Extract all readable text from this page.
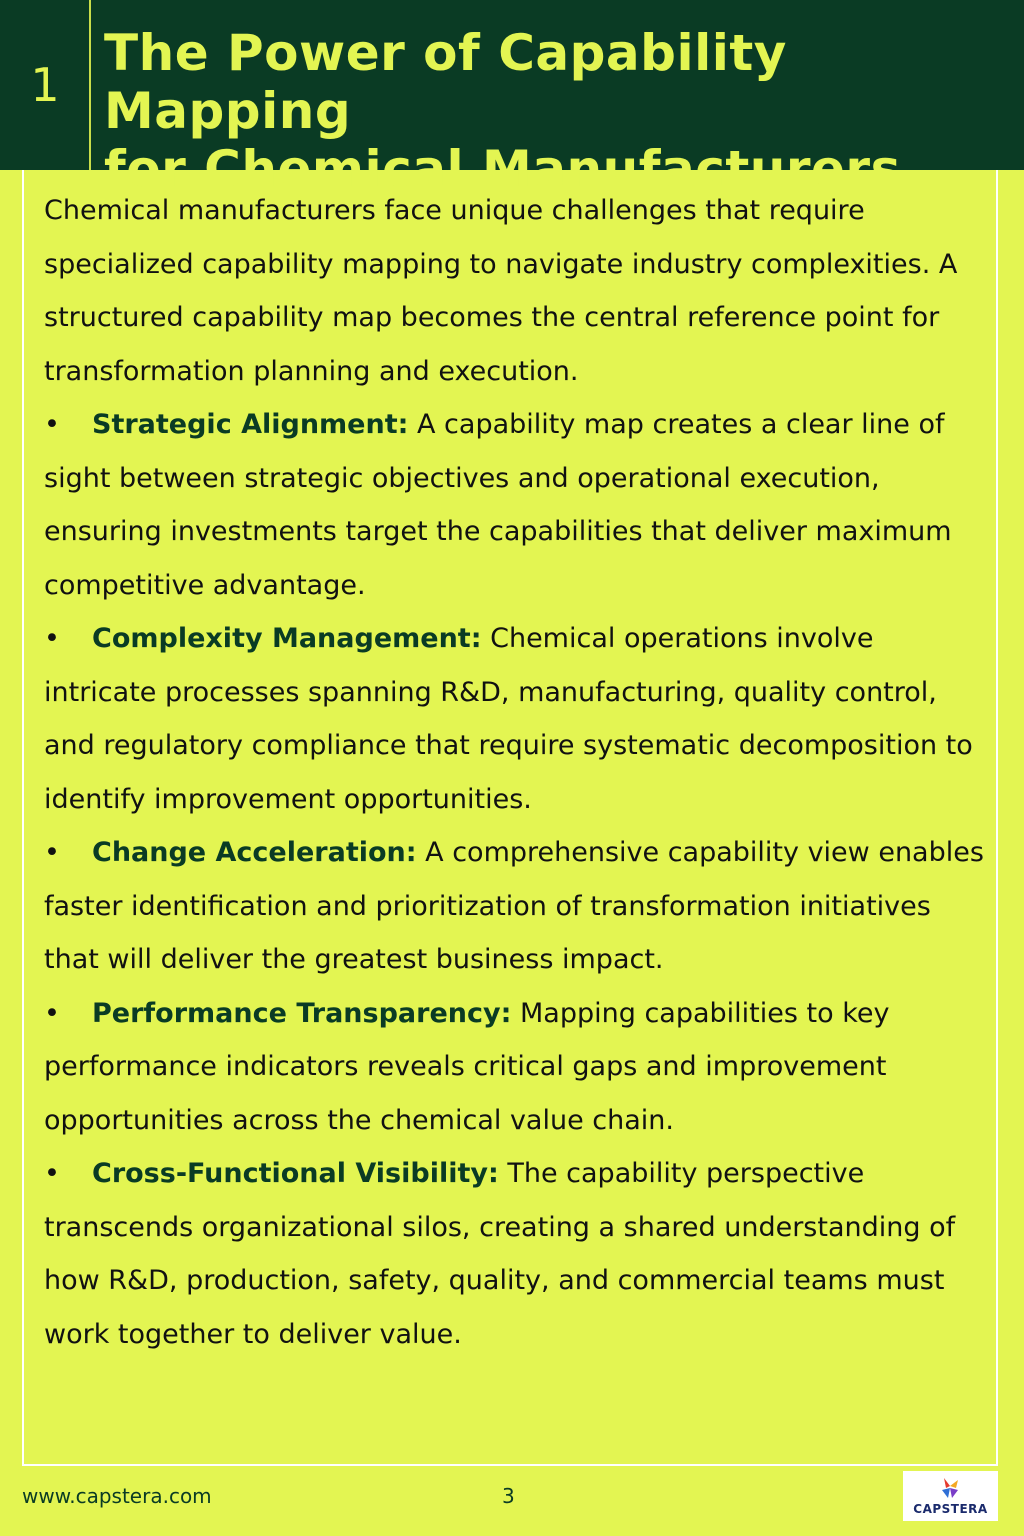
1
The Power of Capability Mapping
for Chemical Manufacturers

Chemical manufacturers face unique challenges that require specialized capability mapping to navigate industry complexities. A structured capability map becomes the central reference point for transformation planning and execution.

• Strategic Alignment: A capability map creates a clear line of sight between strategic objectives and operational execution, ensuring investments target the capabilities that deliver maximum competitive advantage.

• Complexity Management: Chemical operations involve intricate processes spanning R&D, manufacturing, quality control, and regulatory compliance that require systematic decomposition to identify improvement opportunities.

• Change Acceleration: A comprehensive capability view enables faster identification and prioritization of transformation initiatives that will deliver the greatest business impact.

• Performance Transparency: Mapping capabilities to key performance indicators reveals critical gaps and improvement opportunities across the chemical value chain.

• Cross-Functional Visibility: The capability perspective transcends organizational silos, creating a shared understanding of how R&D, production, safety, quality, and commercial teams must work together to deliver value.

www.capstera.com	3
CAPSTERA
